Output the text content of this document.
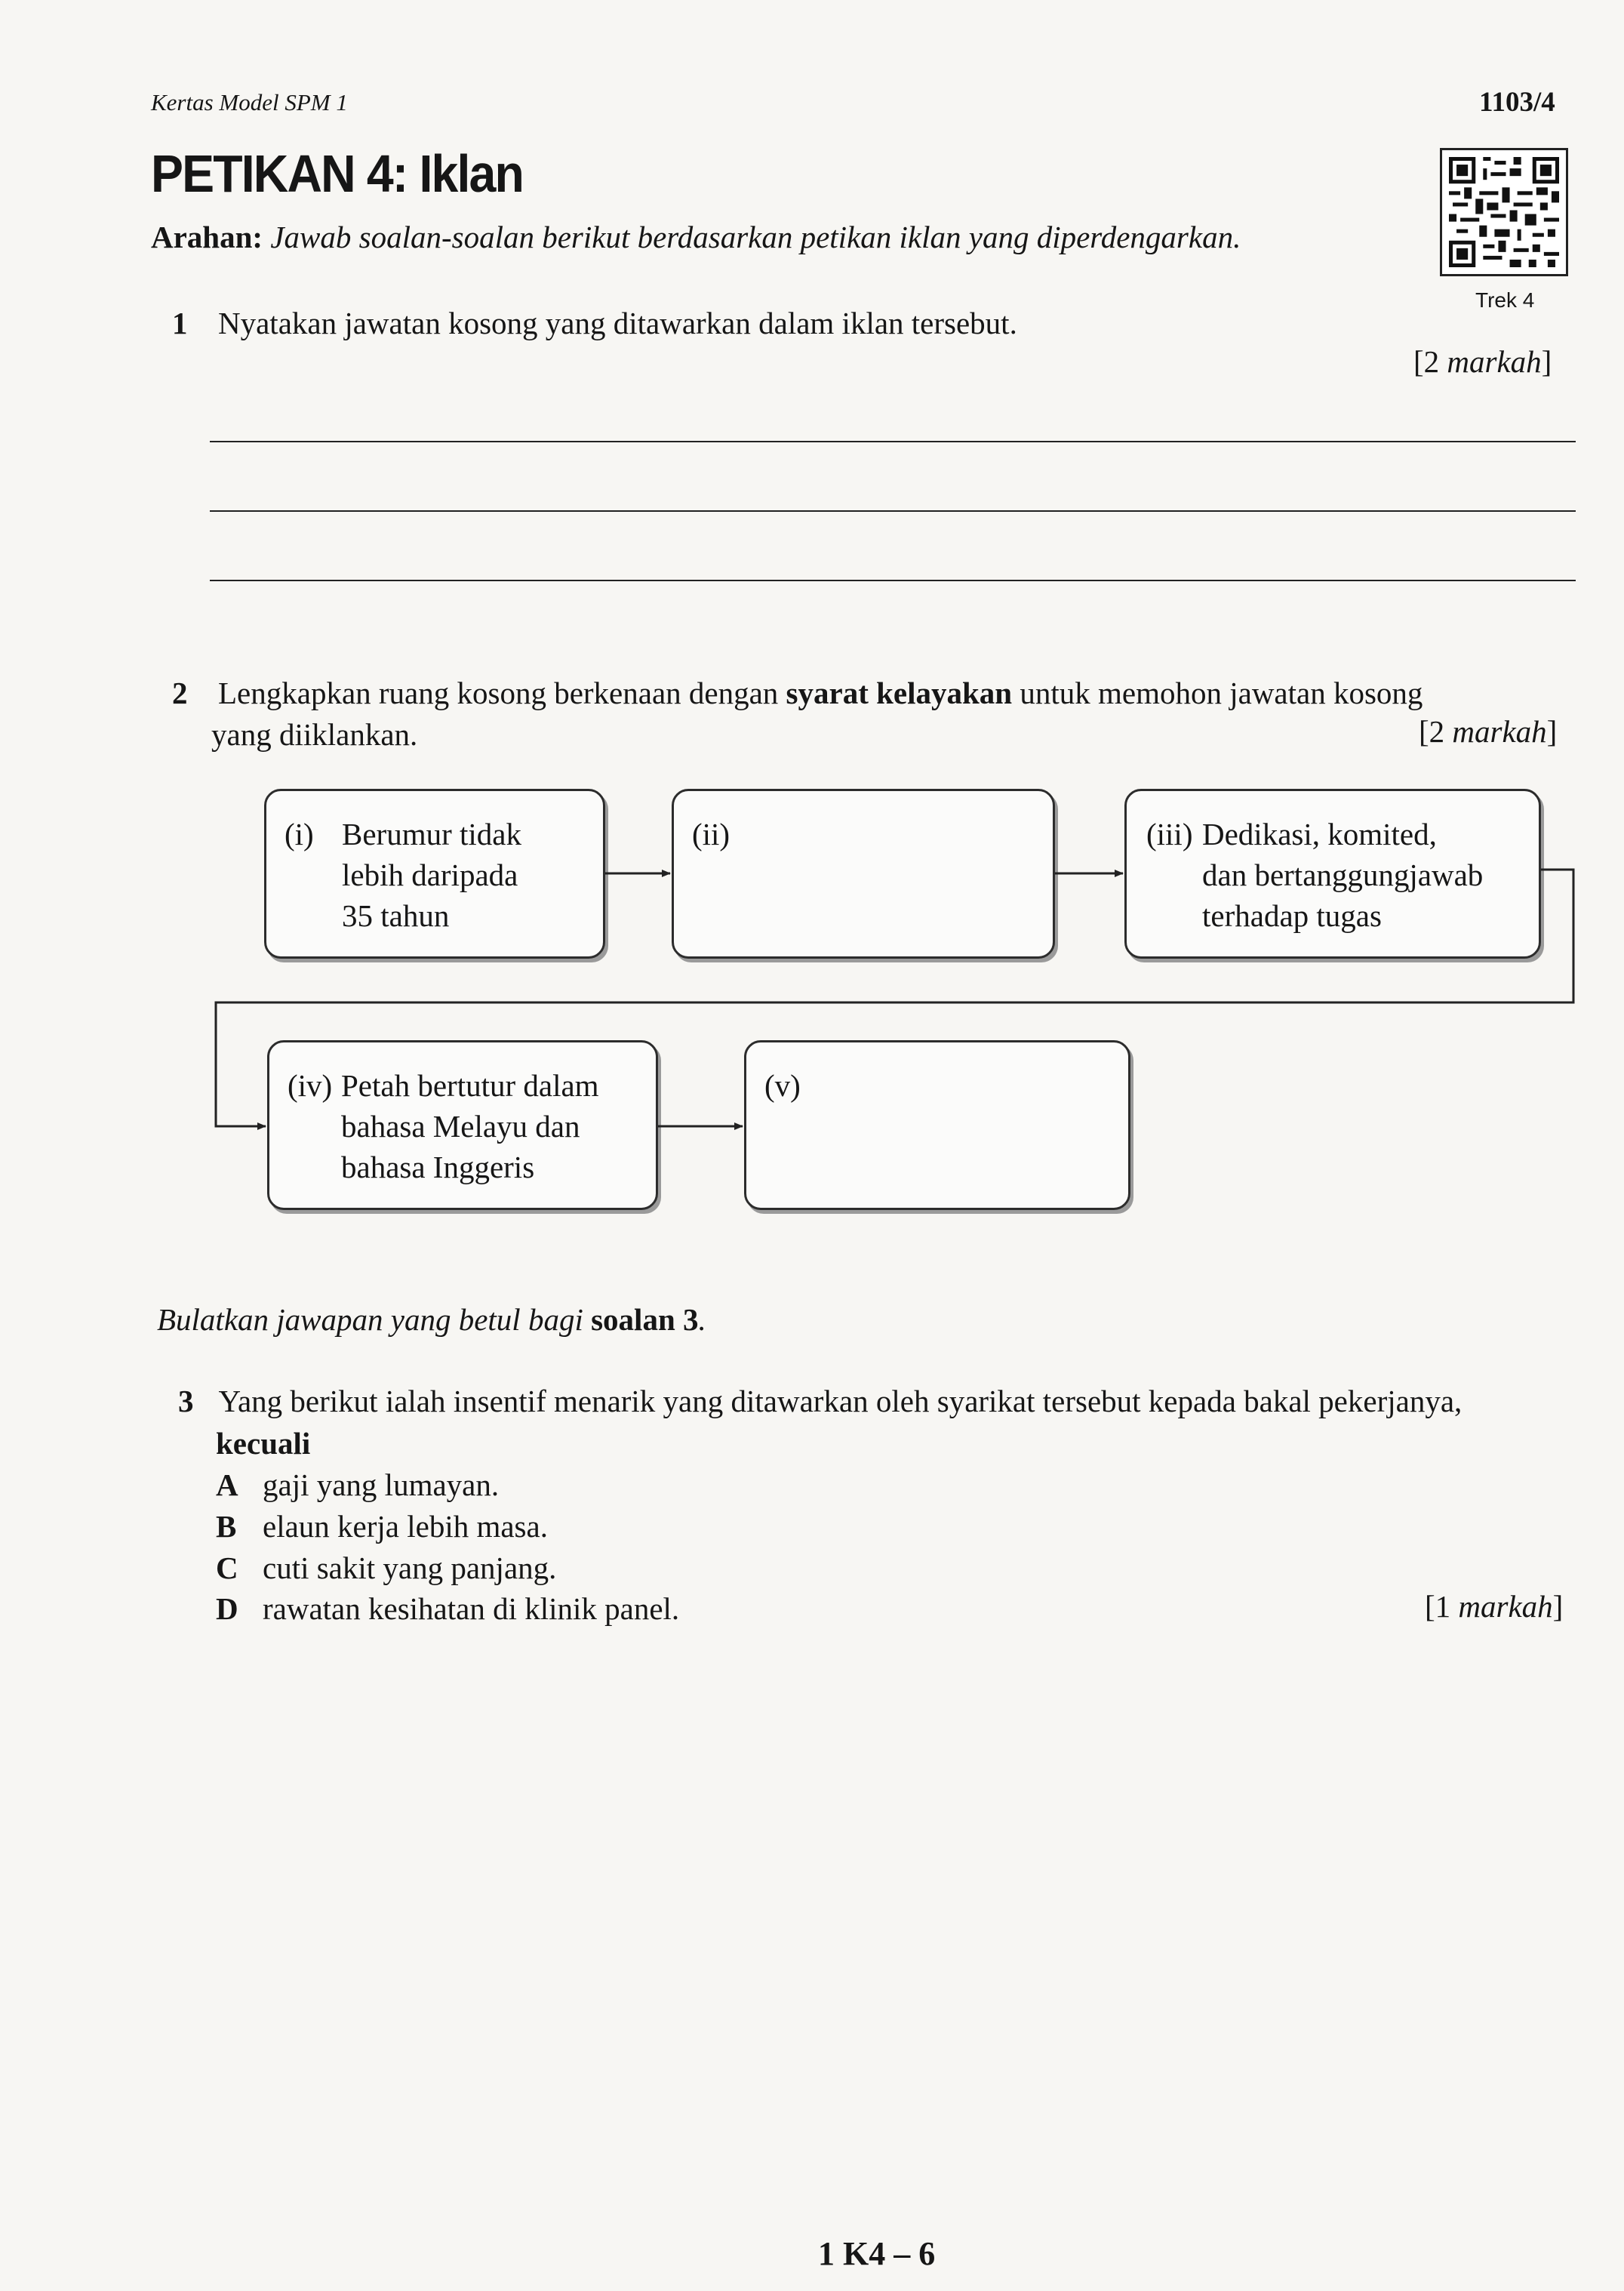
Kertas Model SPM 1	1103/4
PETIKAN 4: Iklan
Trek 4
Arahan: Jawab soalan-soalan berikut berdasarkan petikan iklan yang diperdengarkan.
1 Nyatakan jawatan kosong yang ditawarkan dalam iklan tersebut.
[2 markah]
2 Lengkapkan ruang kosong berkenaan dengan syarat kelayakan untuk memohon jawatan kosong
yang diiklankan.	[2 markah]
(i) Berumur tidak
lebih daripada
35 tahun
(ii)	(iii) Dedikasi, komited,
dan bertanggungjawab
terhadap tugas
(iv) Petah bertutur dalam
bahasa Melayu dan
bahasa Inggeris
(v)
Bulatkan jawapan yang betul bagi soalan 3.
3 Yang berikut ialah insentif menarik yang ditawarkan oleh syarikat tersebut kepada bakal pekerjanya,
kecuali
A gaji yang lumayan.
B elaun kerja lebih masa.
C cuti sakit yang panjang.
D rawatan kesihatan di klinik panel.	[1 markah]
1 K4 – 6
